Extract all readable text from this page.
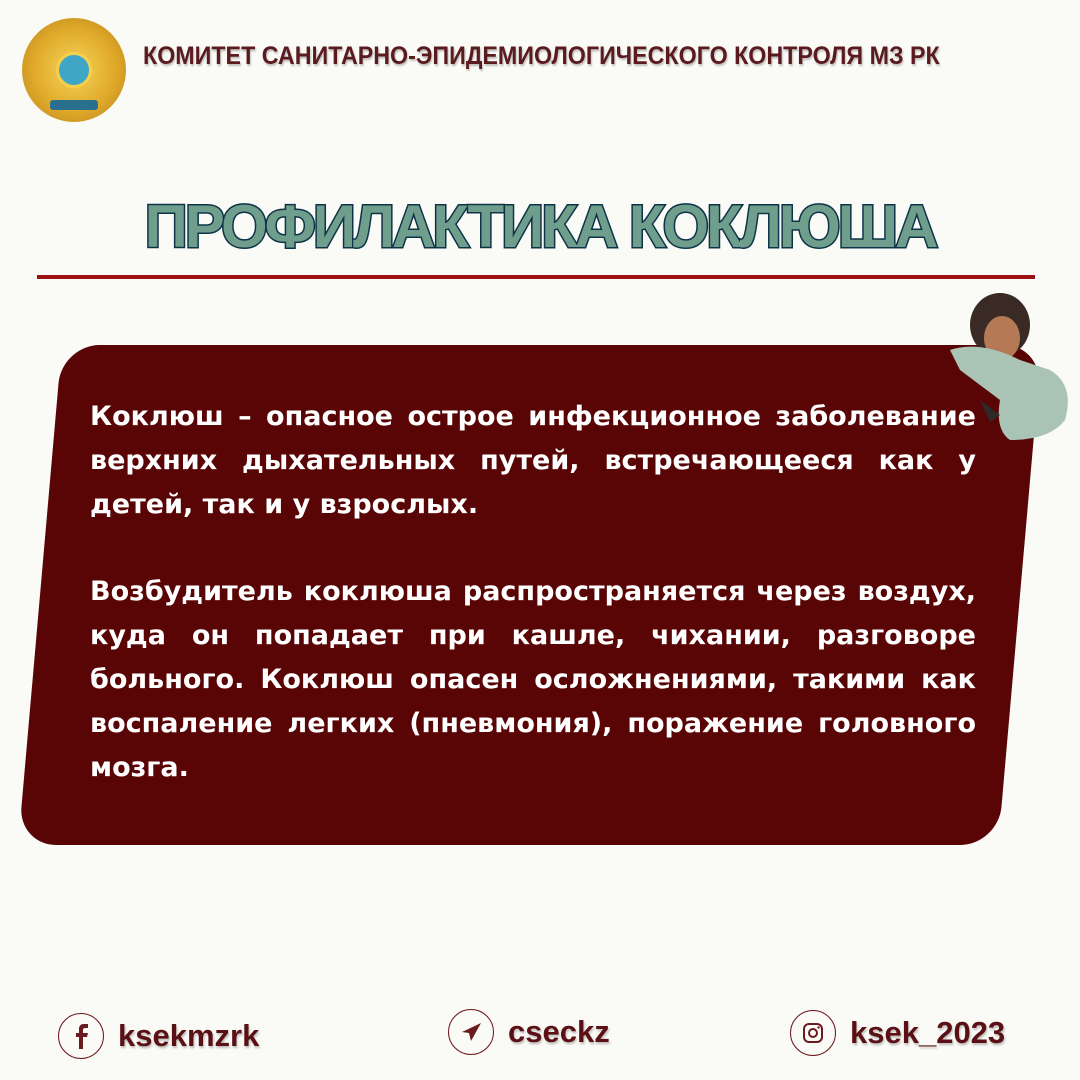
КОМИТЕТ САНИТАРНО-ЭПИДЕМИОЛОГИЧЕСКОГО КОНТРОЛЯ МЗ РК
ПРОФИЛАКТИКА КОКЛЮША

Коклюш – опасное острое инфекционное заболевание верхних дыхательных путей, встречающееся как у детей, так и у взрослых.

Возбудитель коклюша распространяется через воздух, куда он попадает при кашле, чихании, разговоре больного. Коклюш опасен осложнениями, такими как воспаление легких (пневмония), поражение головного мозга.

ksekmzrk	cseckz	ksek_2023
